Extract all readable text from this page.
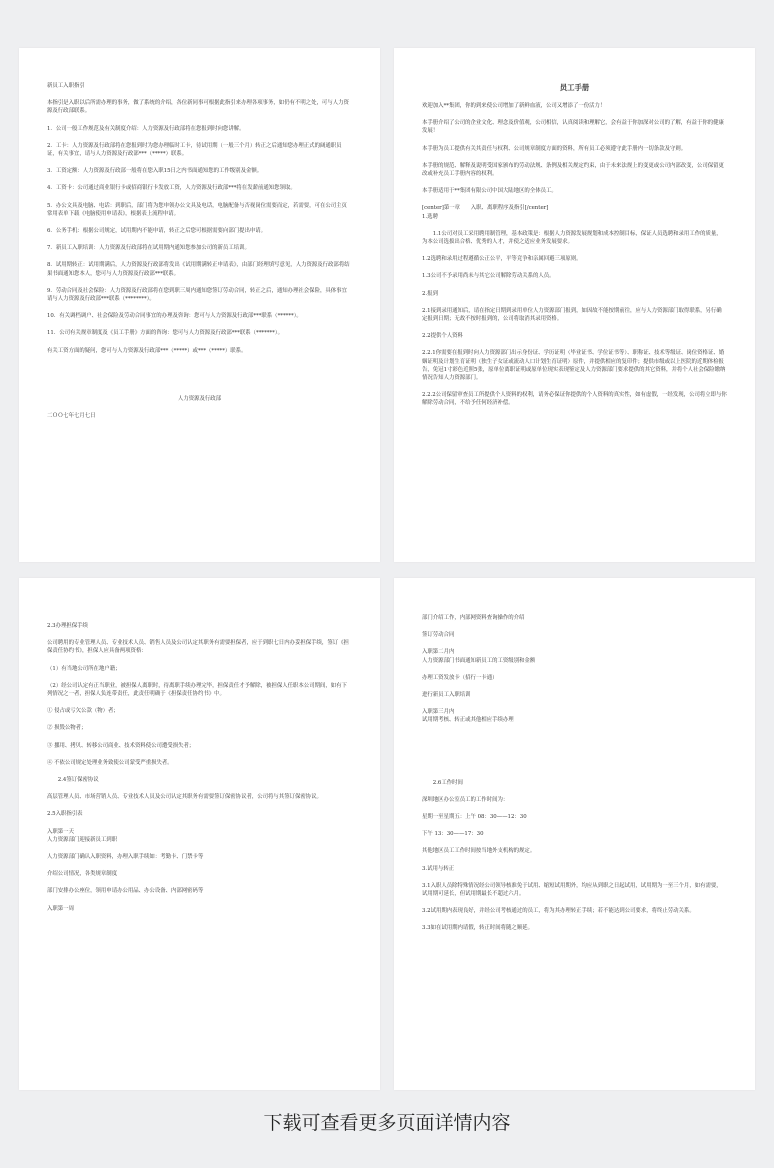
新员工入职指引

本指引是入职以后所需办理的事务，做了系统的介绍，各位新同事可根据此指引来办理各项事务，如仍有不明之处，可与人力资源及行政部联系。

1．公司一般工作规范及有关制度介绍：人力资源及行政部将在您报到时向您讲解。

2．工卡：人力资源及行政部将在您报到时为您办理临时工卡，待试用期（一般三个月）转正之后通知您办理正式的阔通职员证，有关事宜，请与人力资源及行政部***（*****）联系。

3．工资定额：人力资源及行政部一般将在您入职15日之内书面通知您的工作级别及金额。

4．工资卡：公司通过商业银行卡或招商银行卡发放工资，人力资源及行政部***将在发薪前通知您领取。

5．办公文具及电脑、电话：到职后，部门将为您申领办公文具及电话，电脑配备与否视岗位需要而定，若需要，可在公司主页常用表单下载《电脑使用申请表》，根据表上流程申请。

6．公务手机：根据公司规定，试用期内不能申请，转正之后您可根据需要向部门提出申请。

7．新员工入职培训：人力资源及行政部将在试用期内通知您参加公司的新员工培训。

8．试用期转正：试用期满后，人力资源及行政部将发出《试用期满转正申请表》，由部门经理填写意见，人力资源及行政部将结果书面通知您本人，您可与人力资源及行政部***联系。

9．劳动合同及社会保险：人力资源及行政部将在您到职三周内通知您签订劳动合同，转正之后，通知办理社会保险，具体事宜请与人力资源及行政部***联系（********）。

10．有关调档调户、社会保险及劳动合同事宜的办理及咨询：您可与人力资源及行政部***联系（******）。

11．公司有关规章制度及《员工手册》方面的咨询：您可与人力资源及行政部***联系（*******）。

有关工资方面的疑问，您可与人力资源及行政部***（*****）或***（*****）联系。

人力资源及行政部

二ＯＯ七年七月七日

员工手册

欢迎加入**集团，你的到来使公司增加了新鲜血液，公司又增添了一份活力！

本手册介绍了公司的企业文化、理念及价值观，公司相信，认真阅读和理解它，会有益于你加深对公司的了解，有益于你的健康发展！

本手册为员工提供有关其责任与权利、公司规章制度方面的资料，所有员工必须遵守此手册内一切条款及守则。

本手册的规范、解释及说明受国家颁布的劳动法规、条例及相关规定约束，由于未来法规上的变更或公司内部改变，公司保留更改或补充员工手册内容的权利。

本手册适用于**集团有限公司中国大陆地区的全体员工。

[center]第一章　　入职、离职程序及指引[/center]
1.选聘

　　1.1公司对员工采用聘用制管理，基本政策是：根据人力资源发展规划和成本控制目标，保证人员选聘和录用工作的质量，为本公司选拔出合格、优秀的人才，并使之适应业务发展要求。

1.2选聘和录用过程遵循公正公平，平等竞争和亲属回避三项原则。

1.3公司不予录用尚未与其它公司解除劳动关系的人员。

2.报到

2.1接到录用通知后，请在指定日期到录用单位人力资源部门报到，如因故不能按期前往，应与人力资源部门取得联系，另行确定报到日期；无故不按时报到的，公司将取消其录用资格。

2.2提供个人资料

2.2.1你需要在报到时向人力资源部门出示身份证、学历证明（毕业证书、学位证书等）、职称证、技术等级证、岗位资格证、婚姻证明及计划生育证明（独生子女证或流动人口计划生育证明）原件，并提供相应的复印件；提供市级或以上医院的近期体检报告，免冠1寸彩色近照5张，原单位离职证明或原单位现实表现鉴定及人力资源部门要求提供的其它资料，并将个人社会保险缴纳情况告知人力资源部门。

2.2.2公司保留审查员工所提供个人资料的权利，请务必保证你提供的个人资料的真实性，如有虚假，一经发现，公司将立即与你解除劳动合同，不给予任何经济补偿。

2.3办理担保手续

公司聘用的专业管理人员、专业技术人员、销售人员及公司认定其职务有需要担保者，应于到职七日内办妥担保手续，签订《担保责任协约书》，担保人应具备两项资格：

（1）有当地公司所在地户籍；

（2）经公司认定有正当职业，被担保人离职时，待离职手续办理完毕，担保责任才予解除，被担保人任职本公司期间，如有下列情况之一者，担保人负连带责任，此责任明确于《担保责任协约书》中。

① 侵占或亏欠公款（物）者；

② 损毁公物者；

③ 挪用、拷贝、转移公司商业、技术资料使公司遭受损失者；

④ 不依公司规定处理业务致使公司蒙受严重损失者。

　　2.4签订保密协议

高层管理人员、市场营销人员、专业技术人员及公司认定其职务有需要签订保密协议者，公司将与其签订保密协议。

2.5入职指引表

入职第一天
人力资源部门迎接新员工到职

人力资源部门确认入职资料，办理入职手续如：考勤卡、门禁卡等

介绍公司情况，各类规章制度

部门安排办公座位，领用申请办公用品、办公设备、内部网密码等

入职第一周

部门介绍工作，内部网资料查询操作的介绍

签订劳动合同

入职第二月内
人力资源部门书面通知新员工的工资级别和金额

办理工资发放卡（招行一卡通）

进行新员工入职培训

入职第三月内
试用期考核、转正或其他相应手续办理

　　2.6工作时间

深圳地区办公室员工的工作时间为：

星期一至星期五：上午 08：30——12：30

下午 13：30——17：30

其他地区员工工作时间按当地外支机构的规定。

3.试用与转正

3.1入职人员除特殊情况经公司领导核准免于试用、缩短试用期外，均应从到职之日起试用，试用期为一至三个月，如有需要，试用期可延长，但试用期最长不超过六月。

3.2试用期内表现良好，并经公司考核通过的员工，将为其办理转正手续；若不能达到公司要求，将终止劳动关系。

3.3如在试用期内请假，转正时间将随之顺延。

下载可查看更多页面详情内容
